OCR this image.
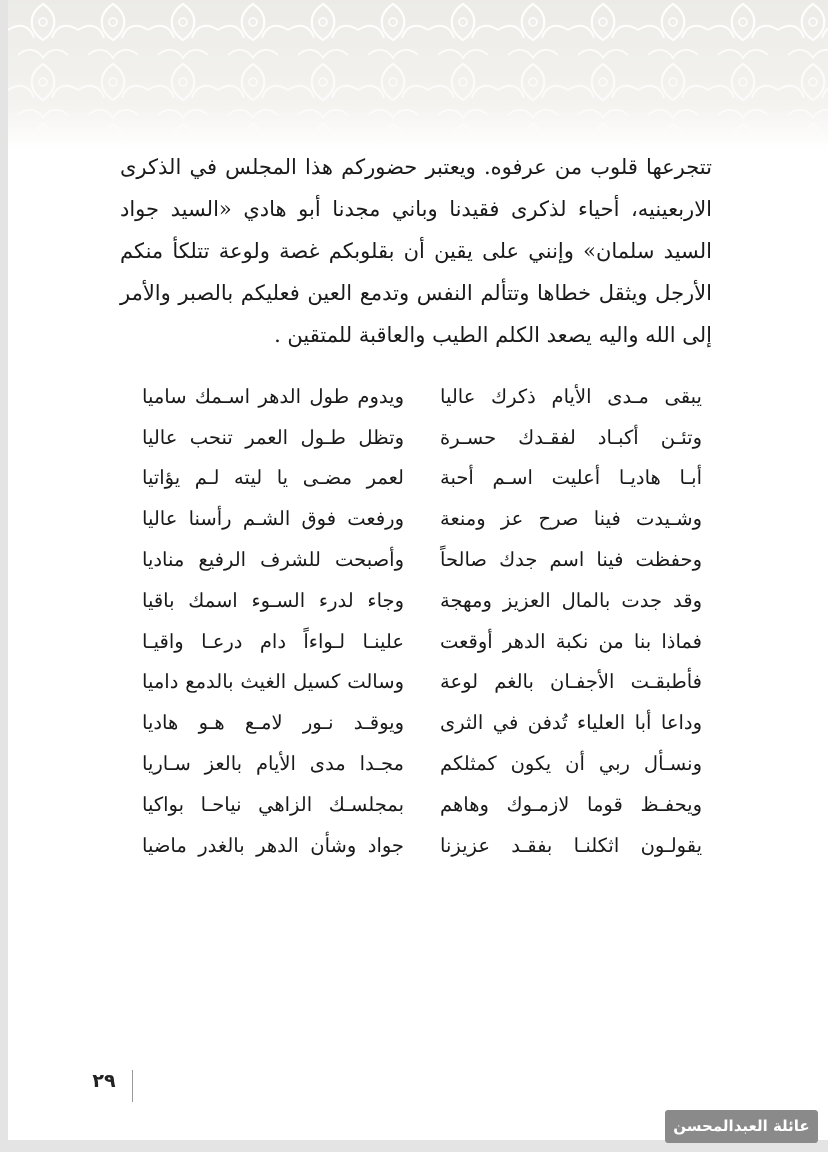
تتجرعها قلوب من عرفوه. ويعتبر حضوركم هذا المجلس في الذكرى
الاربعينيه، أحياء لذكرى فقيدنا وباني مجدنا أبو هادي «السيد جواد
السيد سلمان» وإنني على يقين أن بقلوبكم غصة ولوعة تتلكأ منكم
الأرجل ويثقل خطاها وتتألم النفس وتدمع العين فعليكم بالصبر والأمر
إلى الله واليه يصعد الكلم الطيب والعاقبة للمتقين .
يبقى مـدى الأيام ذكرك عاليا
ويدوم طول الدهر اسـمك ساميا
وتئـن أكبـاد لفقـدك حسـرة
وتظل طـول العمر تنحب عاليا
أبـا هاديـا أعليت اسـم أحبة
لعمر مضـى يا ليته لـم يؤاتيا
وشـيدت فينا صرح عز ومنعة
ورفعت فوق الشـم رأسنا عاليا
وحفظت فينا اسم جدك صالحاً
وأصبحت للشرف الرفيع مناديا
وقد جدت بالمال العزيز ومهجة
وجاء لدرء السـوء اسمك باقيا
فماذا بنا من نكبة الدهر أوقعت
علينـا لـواءاً دام درعـا واقيـا
فأطبقـت الأجفـان بالغم لوعة
وسالت كسيل الغيث بالدمع داميا
وداعا أبا العلياء تُدفن في الثرى
ويوقـد نـور لامـع هـو هاديا
ونسـأل ربي أن يكون كمثلكم
مجـدا مدى الأيام بالعز سـاريا
ويحفـظ قوما لازمـوك وهاهم
بمجلسـك الزاهي نياحـا بواكيا
يقولـون اثكلنـا بفقـد عزيزنا
جواد وشأن الدهر بالغدر ماضيا
٢٩
عائلة العبدالمحسن
